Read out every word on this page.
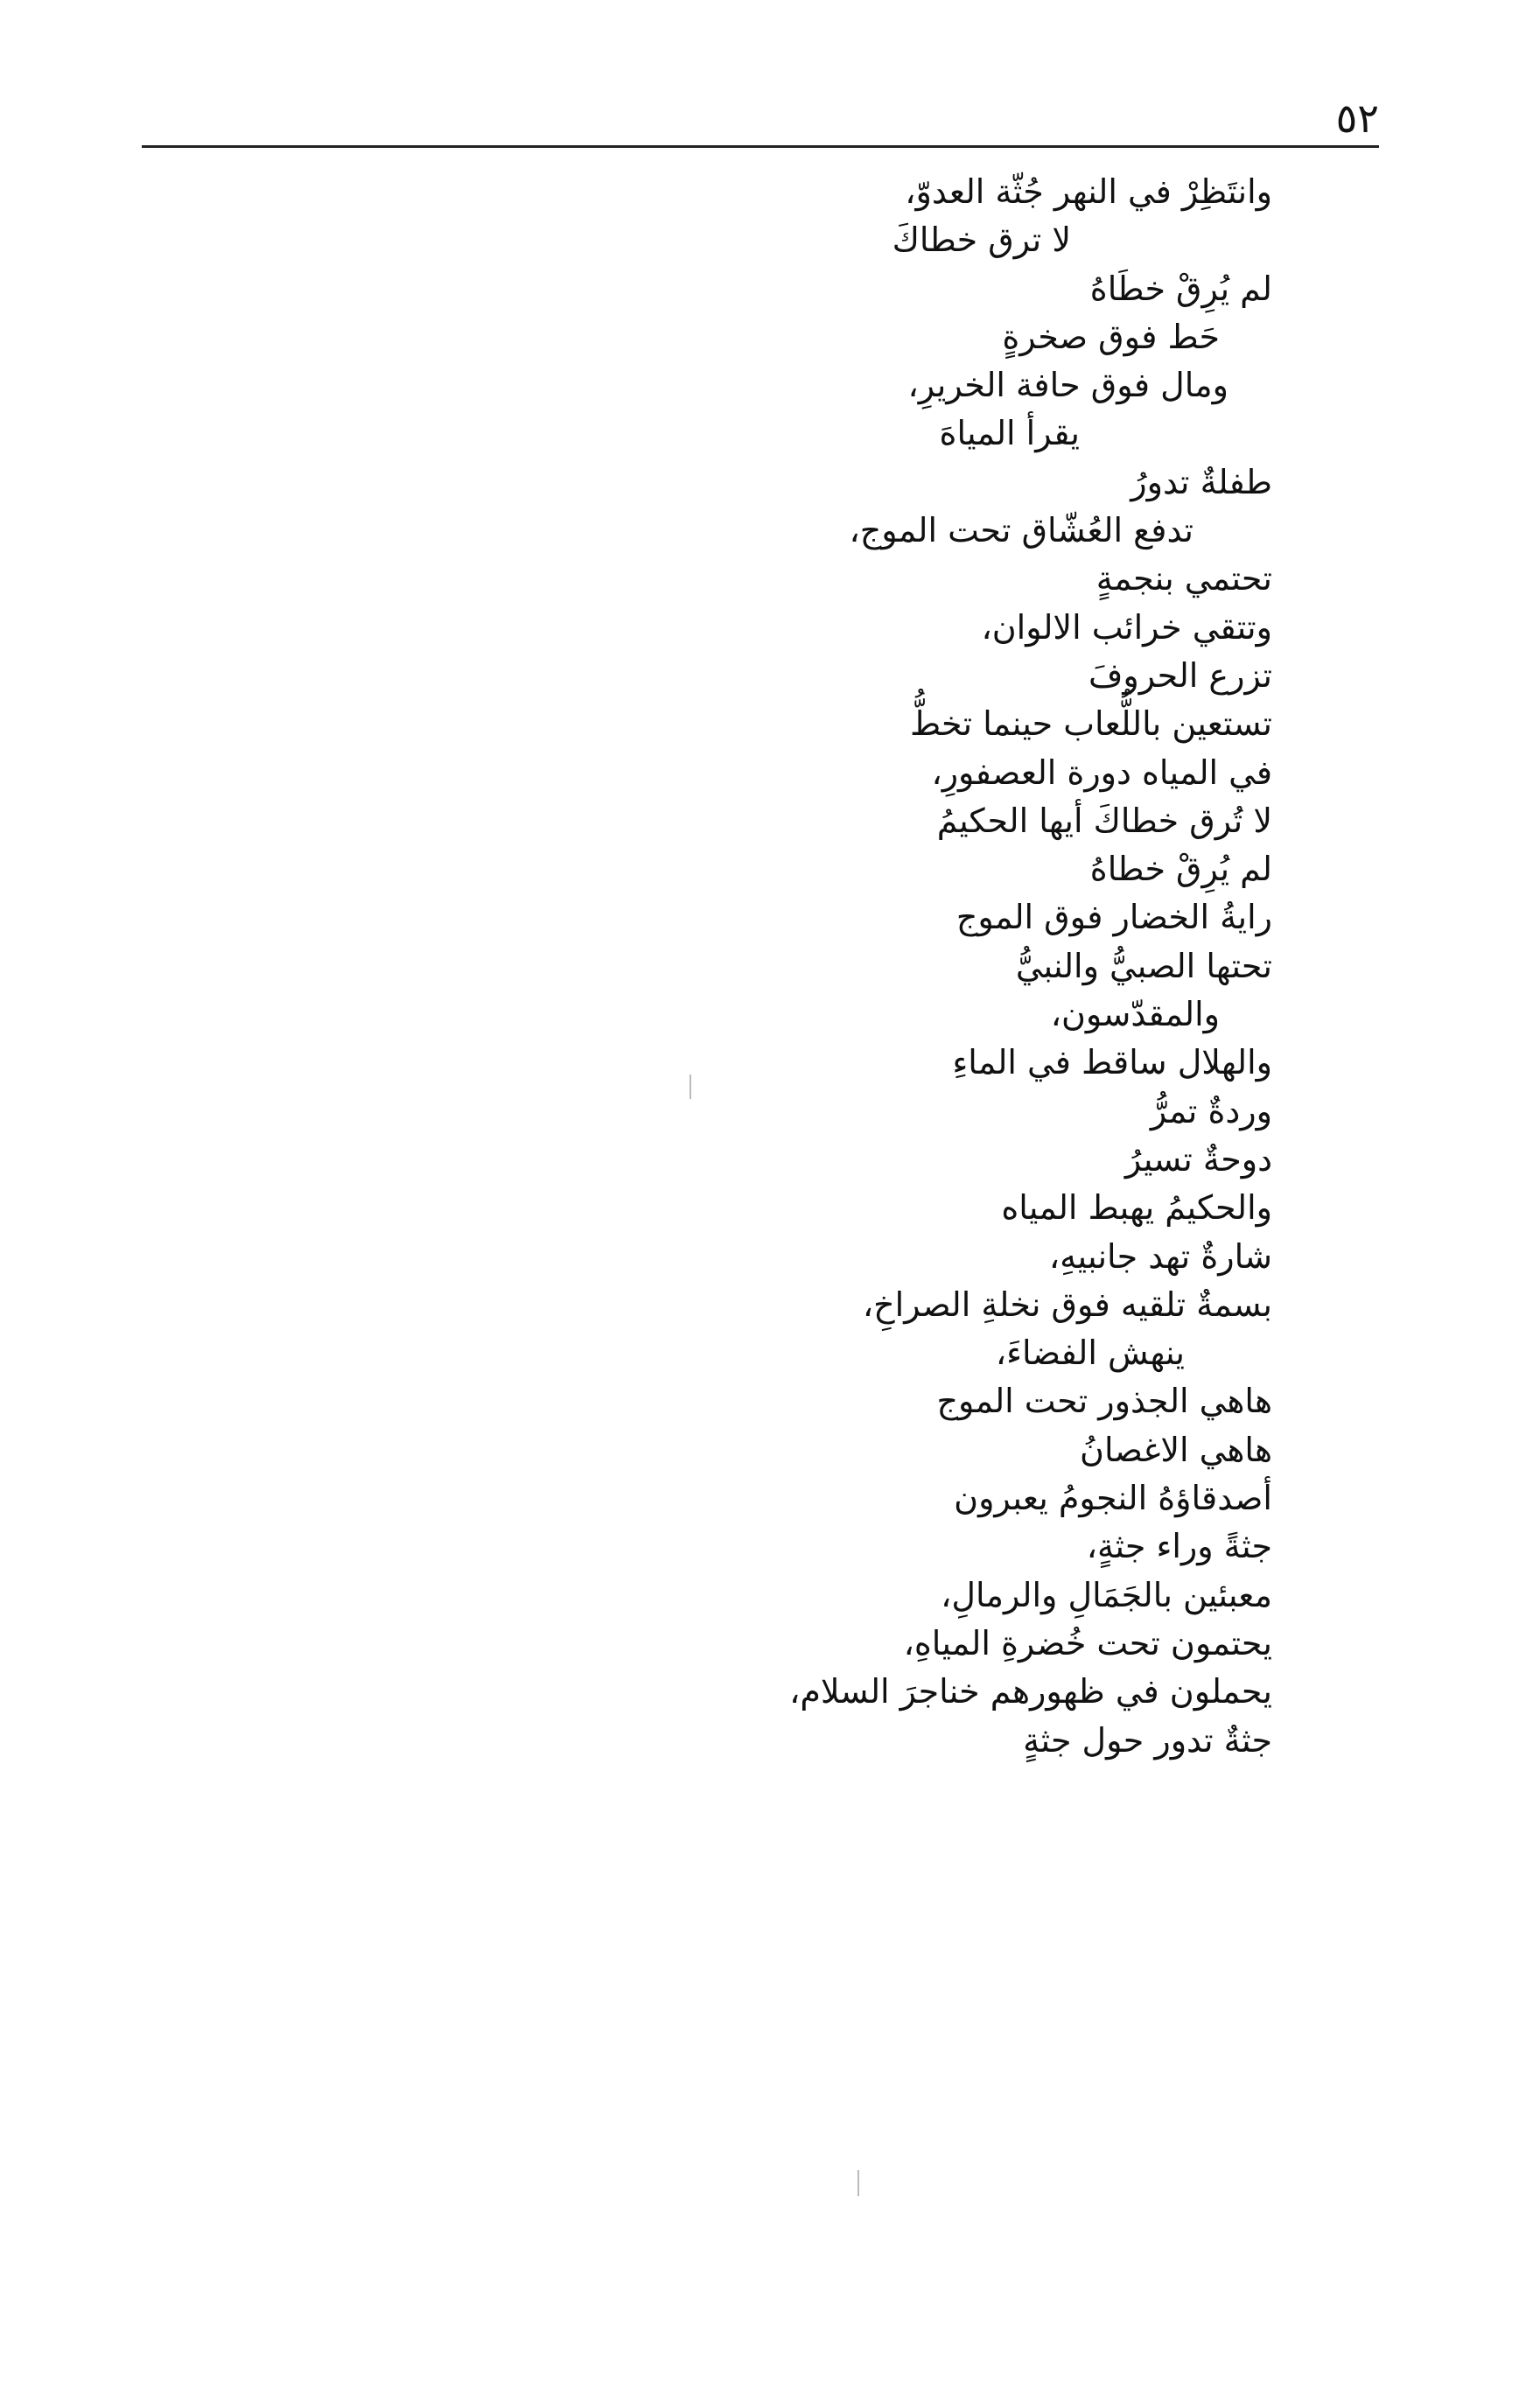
٥٢
وانتَظِرْ في النهر جُثّة العدوّ،
لا ترق خطاكَ
لم يُرِقْ خطَاهُ
حَط فوق صخرةٍ
ومال فوق حافة الخريرِ،
يقرأ المياهَ
طفلةٌ تدورُ
تدفع العُشّاق تحت الموج،
تحتمي بنجمةٍ
وتتقي خرائب الالوان،
تزرع الحروفَ
تستعين باللُّعاب حينما تخطُّ
في المياه دورة العصفورِ،
لا تُرق خطاكَ أيها الحكيمُ
لم يُرِقْ خطاهُ
رايةُ الخضار فوق الموج
تحتها الصبيُّ والنبيُّ
والمقدّسون،
والهلال ساقط في الماءِ
وردةٌ تمرُّ
دوحةٌ تسيرُ
والحكيمُ يهبط المياه
شارةٌ تهد جانبيهِ،
بسمةٌ تلقيه فوق نخلةِ الصراخِ،
ينهش الفضاءَ،
هاهي الجذور تحت الموج
هاهي الاغصانُ
أصدقاؤهُ النجومُ يعبرون
جثةً وراء جثةٍ،
معبئين بالجَمَالِ والرمالِ،
يحتمون تحت خُضرةِ المياهِ،
يحملون في ظهورهم خناجرَ السلام،
جثةٌ تدور حول جثةٍ
